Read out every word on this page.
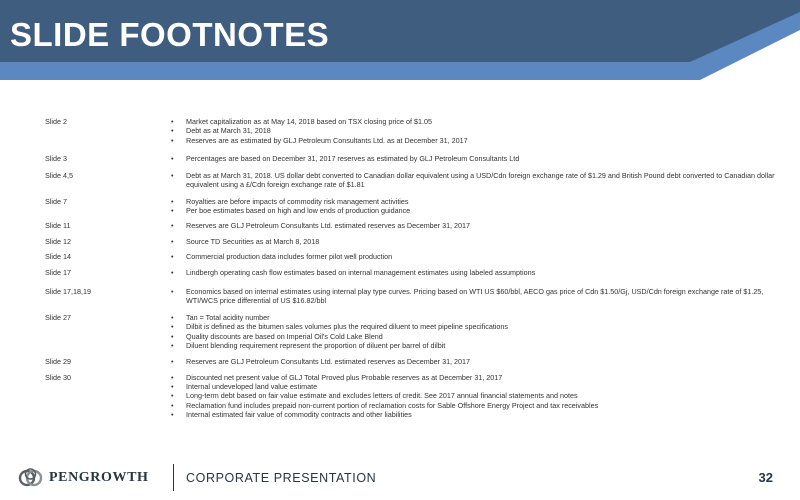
SLIDE FOOTNOTES
Slide 2	• Market capitalization as at May 14, 2018 based on TSX closing price of $1.05
• Debt as at March 31, 2018
• Reserves are as estimated by GLJ Petroleum Consultants Ltd. as at December 31, 2017
Slide 3	• Percentages are based on December 31, 2017 reserves as estimated by GLJ Petroleum Consultants Ltd
Slide 4,5	• Debt as at March 31, 2018. US dollar debt converted to Canadian dollar equivalent using a USD/Cdn foreign exchange rate of $1.29 and British Pound debt converted to Canadian dollar equivalent using a £/Cdn foreign exchange rate of $1.81
Slide 7	• Royalties are before impacts of commodity risk management activities
• Per boe estimates based on high and low ends of production guidance
Slide 11	• Reserves are GLJ Petroleum Consultants Ltd. estimated reserves as December 31, 2017
Slide 12	• Source TD Securities as at March 8, 2018
Slide 14	• Commercial production data includes former pilot well production
Slide 17	• Lindbergh operating cash flow estimates based on internal management estimates using labeled assumptions
Slide 17,18,19	• Economics based on internal estimates using internal play type curves. Pricing based on WTI US $60/bbl, AECO gas price of Cdn $1.50/Gj, USD/Cdn foreign exchange rate of $1.25, WTI/WCS price differential of US $16.82/bbl
Slide 27	• Tan = Total acidity number
• Dilbit is defined as the bitumen sales volumes plus the required diluent to meet pipeline specifications
• Quality discounts are based on Imperial Oil's Cold Lake Blend
• Diluent blending requirement represent the proportion of diluent per barrel of dilbit
Slide 29	• Reserves are GLJ Petroleum Consultants Ltd. estimated reserves as December 31, 2017
Slide 30	• Discounted net present value of GLJ Total Proved plus Probable reserves as at December 31, 2017
• Internal undeveloped land value estimate
• Long-term debt based on fair value estimate and excludes letters of credit. See 2017 annual financial statements and notes
• Reclamation fund includes prepaid non-current portion of reclamation costs for Sable Offshore Energy Project and tax receivables
• Internal estimated fair value of commodity contracts and other liabilities
PENGROWTH	CORPORATE PRESENTATION	32
